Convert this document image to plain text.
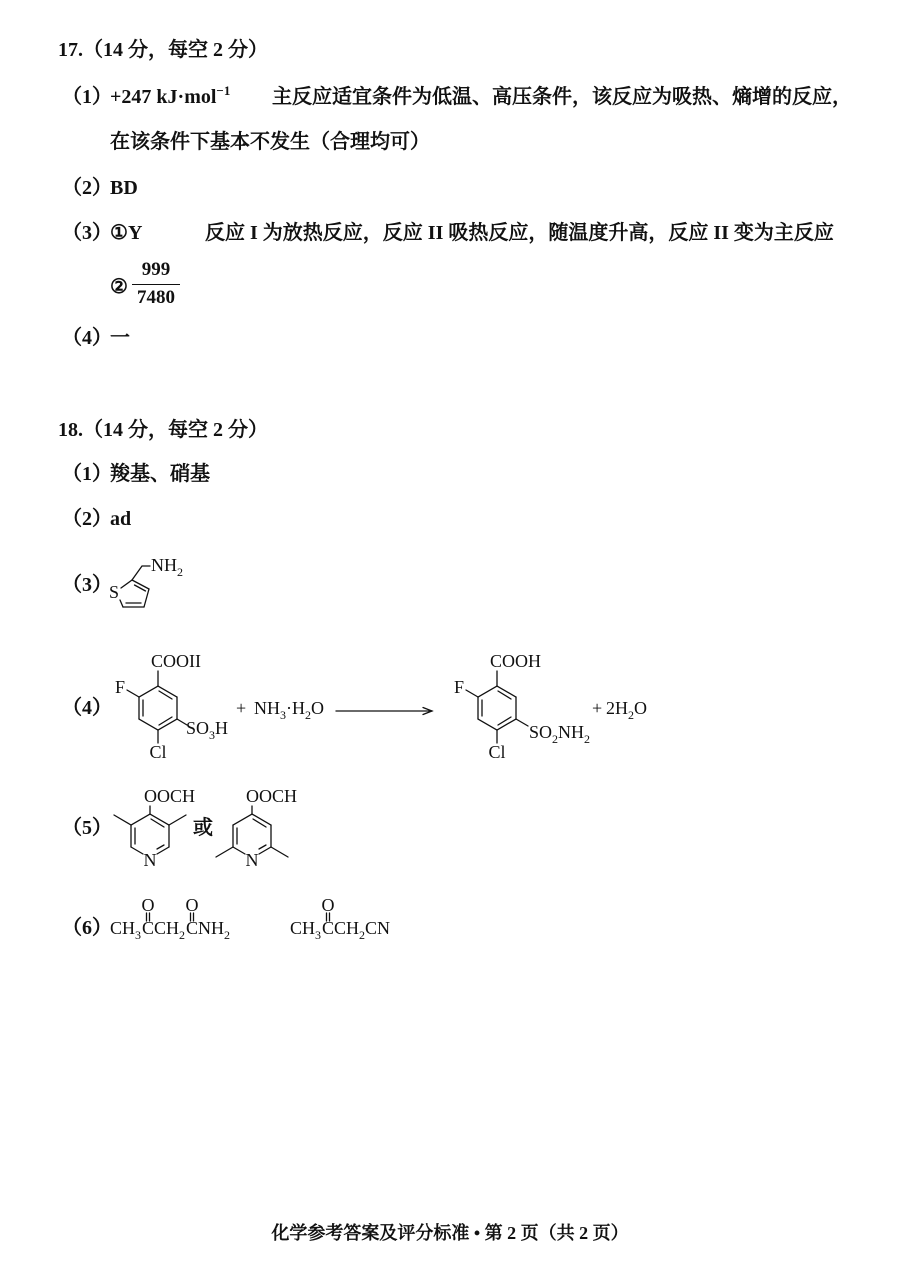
17.（14 分，每空 2 分）
（1）+247 kJ·mol$^{-1}$ 主反应适宜条件为低温、高压条件，该反应为吸热、熵增的反应，
在该条件下基本不发生（合理均可）
（2）BD
（3）①Y	反应 I 为放热反应，反应 II 吸热反应，随温度升高，反应 II 变为主反应
② $\frac{999}{7480}$
（4）一
18.（14 分，每空 2 分）
（1）羧基、硝基
（2）ad
（3）
（4）
（5）	或
（6）
S
$NH_2$
COOII
F
$SO_3H$
Cl
+ $NH_3\cdot H_2O$
COOH
F
$SO_2NH_2$
Cl
+ $2H_2O$
OOCH
N
OOCH
N
O O
$CH_3CCH_2CNH_2$
O
$CH_3CCH_2CN$
化学参考答案及评分标准 • 第 2 页（共 2 页）
